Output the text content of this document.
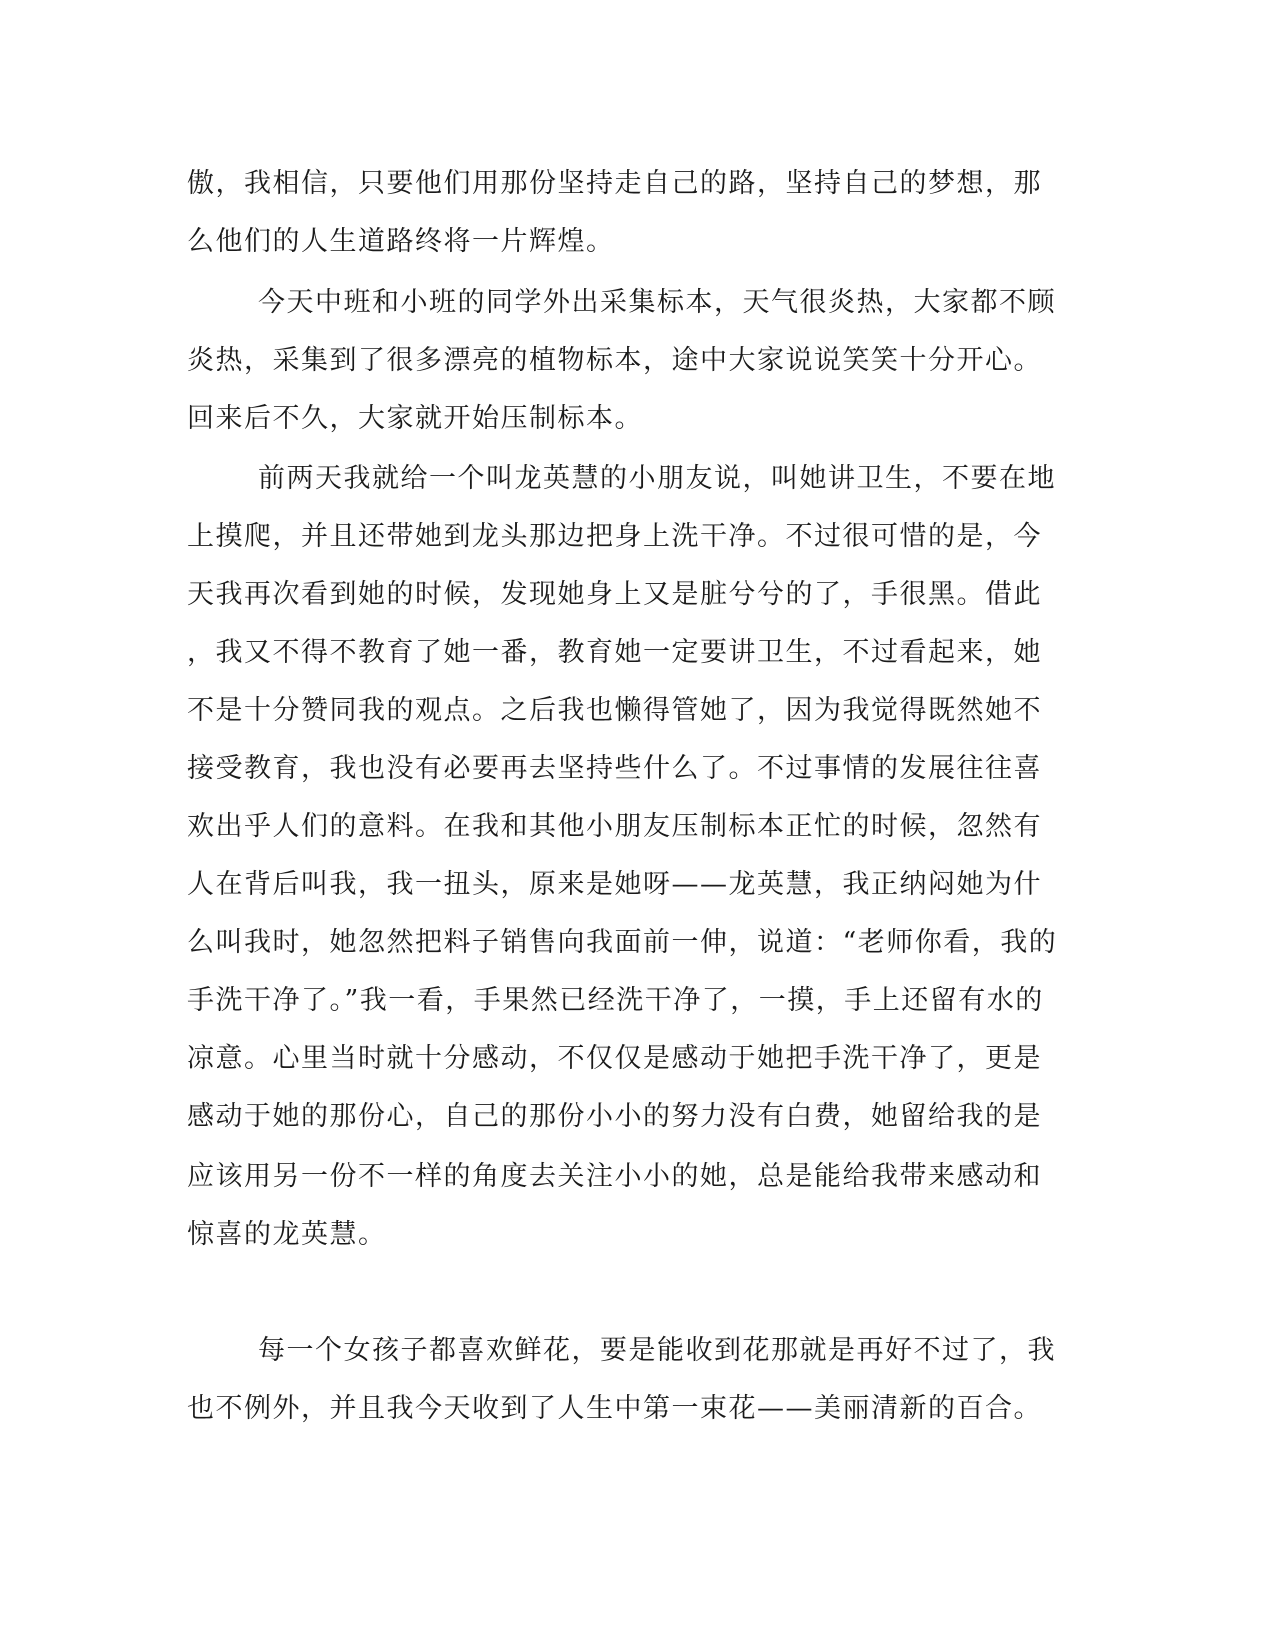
傲，我相信，只要他们用那份坚持走自己的路，坚持自己的梦想，那
么他们的人生道路终将一片辉煌。
今天中班和小班的同学外出采集标本，天气很炎热，大家都不顾
炎热，采集到了很多漂亮的植物标本，途中大家说说笑笑十分开心。
回来后不久，大家就开始压制标本。
前两天我就给一个叫龙英慧的小朋友说，叫她讲卫生，不要在地
上摸爬，并且还带她到龙头那边把身上洗干净。不过很可惜的是，今
天我再次看到她的时候，发现她身上又是脏兮兮的了，手很黑。借此
，我又不得不教育了她一番，教育她一定要讲卫生，不过看起来，她
不是十分赞同我的观点。之后我也懒得管她了，因为我觉得既然她不
接受教育，我也没有必要再去坚持些什么了。不过事情的发展往往喜
欢出乎人们的意料。在我和其他小朋友压制标本正忙的时候，忽然有
人在背后叫我，我一扭头，原来是她呀——龙英慧，我正纳闷她为什
么叫我时，她忽然把料子销售向我面前一伸，说道：“老师你看，我的
手洗干净了。”我一看，手果然已经洗干净了，一摸，手上还留有水的
凉意。心里当时就十分感动，不仅仅是感动于她把手洗干净了，更是
感动于她的那份心，自己的那份小小的努力没有白费，她留给我的是
应该用另一份不一样的角度去关注小小的她，总是能给我带来感动和
惊喜的龙英慧。
每一个女孩子都喜欢鲜花，要是能收到花那就是再好不过了，我
也不例外，并且我今天收到了人生中第一束花——美丽清新的百合。
